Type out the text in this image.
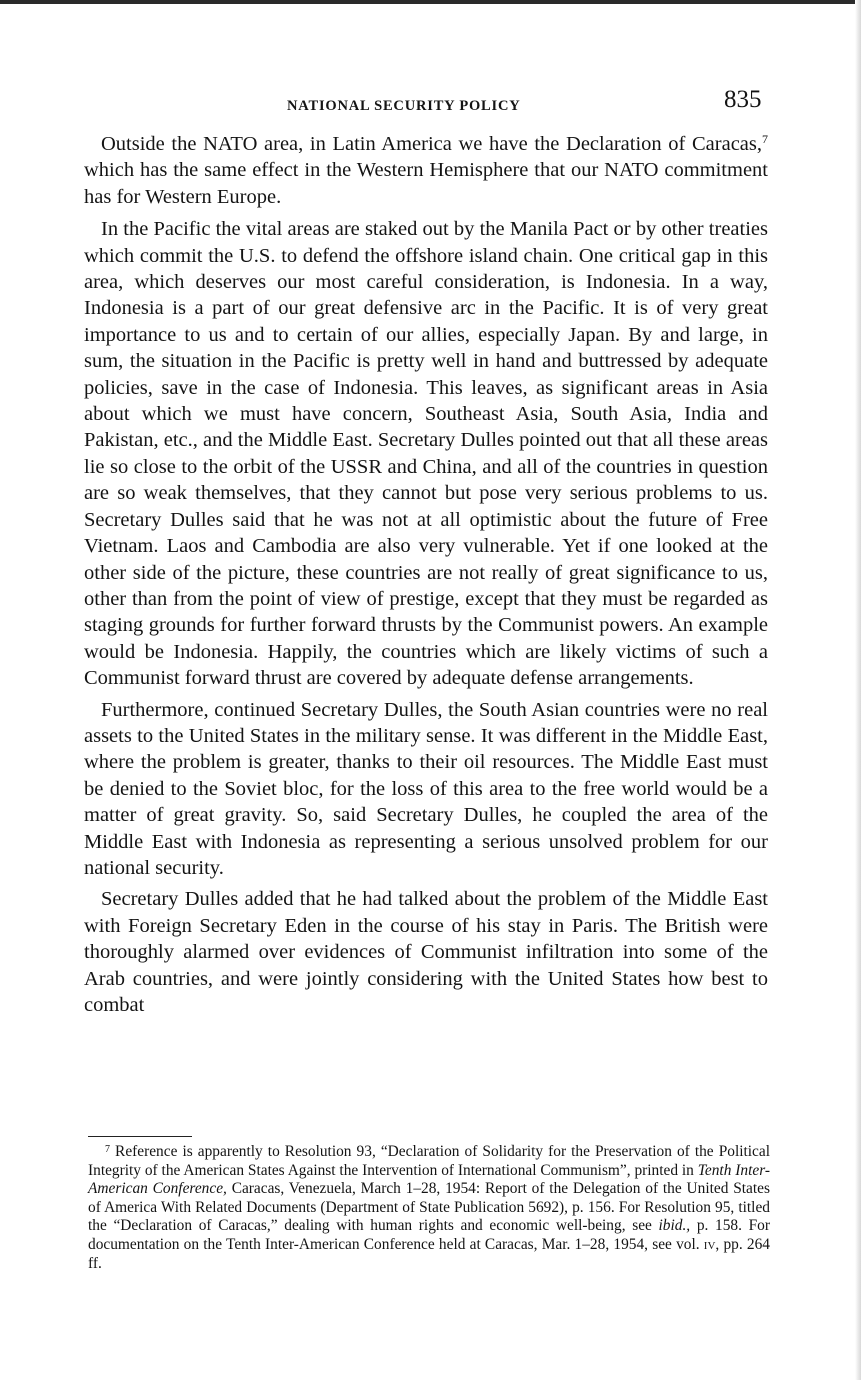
NATIONAL SECURITY POLICY	835

Outside the NATO area, in Latin America we have the Declaration of Caracas,$^7$ which has the same effect in the Western Hemisphere that our NATO commitment has for Western Europe.

In the Pacific the vital areas are staked out by the Manila Pact or by other treaties which commit the U.S. to defend the offshore island chain. One critical gap in this area, which deserves our most careful consideration, is Indonesia. In a way, Indonesia is a part of our great defensive arc in the Pacific. It is of very great importance to us and to certain of our allies, especially Japan. By and large, in sum, the situation in the Pacific is pretty well in hand and buttressed by adequate policies, save in the case of Indonesia. This leaves, as significant areas in Asia about which we must have concern, Southeast Asia, South Asia, India and Pakistan, etc., and the Middle East. Secretary Dulles pointed out that all these areas lie so close to the orbit of the USSR and China, and all of the countries in question are so weak themselves, that they cannot but pose very serious problems to us. Secretary Dulles said that he was not at all optimistic about the future of Free Vietnam. Laos and Cambodia are also very vulnerable. Yet if one looked at the other side of the picture, these countries are not really of great significance to us, other than from the point of view of prestige, except that they must be regarded as staging grounds for further forward thrusts by the Communist powers. An example would be Indonesia. Happily, the countries which are likely victims of such a Communist forward thrust are covered by adequate defense arrangements.

Furthermore, continued Secretary Dulles, the South Asian countries were no real assets to the United States in the military sense. It was different in the Middle East, where the problem is greater, thanks to their oil resources. The Middle East must be denied to the Soviet bloc, for the loss of this area to the free world would be a matter of great gravity. So, said Secretary Dulles, he coupled the area of the Middle East with Indonesia as representing a serious unsolved problem for our national security.

Secretary Dulles added that he had talked about the problem of the Middle East with Foreign Secretary Eden in the course of his stay in Paris. The British were thoroughly alarmed over evidences of Communist infiltration into some of the Arab countries, and were jointly considering with the United States how best to combat

$^7$ Reference is apparently to Resolution 93, “Declaration of Solidarity for the Preservation of the Political Integrity of the American States Against the Intervention of International Communism”, printed in Tenth Inter-American Conference, Caracas, Venezuela, March 1–28, 1954: Report of the Delegation of the United States of America With Related Documents (Department of State Publication 5692), p. 156. For Resolution 95, titled the “Declaration of Caracas,” dealing with human rights and economic well-being, see ibid., p. 158. For documentation on the Tenth Inter-American Conference held at Caracas, Mar. 1–28, 1954, see vol. iv, pp. 264 ff.
